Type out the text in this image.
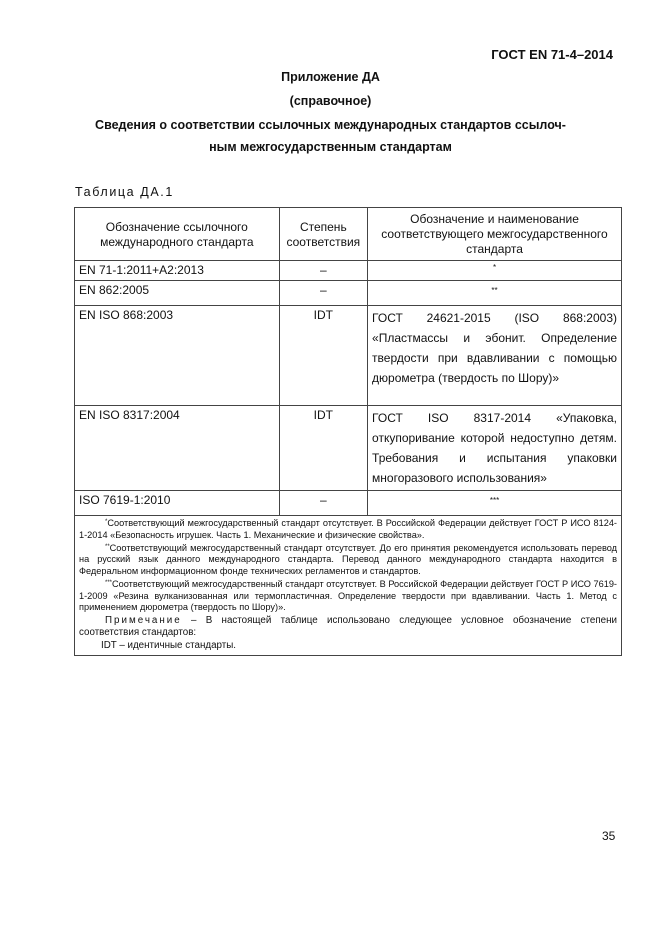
ГОСТ EN 71-4–2014
Приложение ДА
(справочное)
Сведения о соответствии ссылочных международных стандартов ссылоч-
ным межгосударственным стандартам
Таблица ДА.1
Обозначение ссылочного международного стандарта	Степень соответствия	Обозначение и наименование соответствующего межгосударственного стандарта
EN 71-1:2011+A2:2013	–	*
EN 862:2005	–	**
EN ISO 868:2003	IDT	ГОСТ 24621-2015 (ISO 868:2003) «Пластмассы и эбонит. Определение твердости при вдавливании с помощью дюрометра (твердость по Шору)»
EN ISO 8317:2004	IDT	ГОСТ ISO 8317-2014 «Упаковка, откупоривание которой недоступно детям. Требования и испытания упаковки многоразового использования»
ISO 7619-1:2010	–	***

*Соответствующий межгосударственный стандарт отсутствует. В Российской Федерации действует ГОСТ Р ИСО 8124-1-2014 «Безопасность игрушек. Часть 1. Механические и физические свойства».

**Соответствующий межгосударственный стандарт отсутствует. До его принятия рекомендуется использовать перевод на русский язык данного международного стандарта. Перевод данного международного стандарта находится в Федеральном информационном фонде технических регламентов и стандартов.

***Соответствующий межгосударственный стандарт отсутствует. В Российской Федерации действует ГОСТ Р ИСО 7619-1-2009 «Резина вулканизованная или термопластичная. Определение твердости при вдавливании. Часть 1. Метод с применением дюрометра (твердость по Шору)».

Примечание – В настоящей таблице использовано следующее условное обозначение степени соответствия стандартов:

IDT – идентичные стандарты.		

35
